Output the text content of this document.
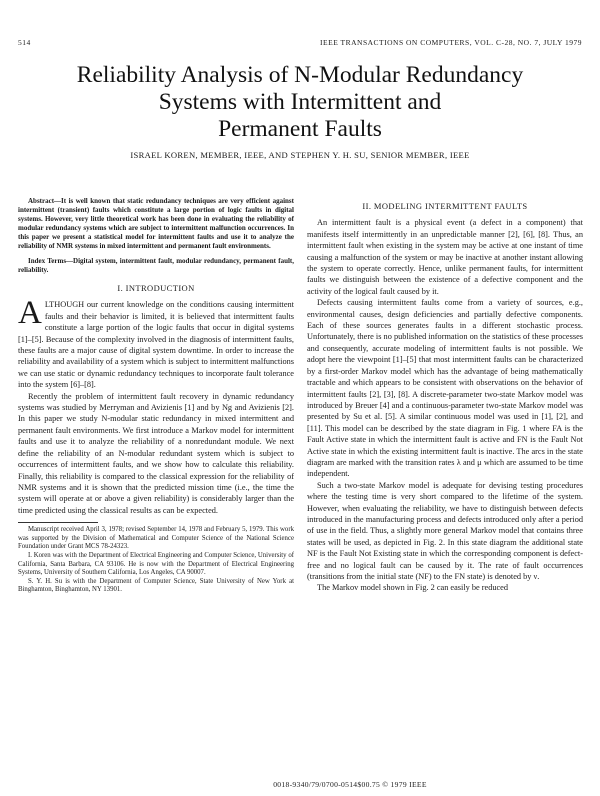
514	IEEE TRANSACTIONS ON COMPUTERS, VOL. C-28, NO. 7, JULY 1979
Reliability Analysis of N-Modular Redundancy
Systems with Intermittent and
Permanent Faults
ISRAEL KOREN, MEMBER, IEEE, AND STEPHEN Y. H. SU, SENIOR MEMBER, IEEE

Abstract—It is well known that static redundancy techniques are very efficient against intermittent (transient) faults which constitute a large portion of logic faults in digital systems. However, very little theoretical work has been done in evaluating the reliability of modular redundancy systems which are subject to intermittent malfunction occurrences. In this paper we present a statistical model for intermittent faults and use it to analyze the reliability of NMR systems in mixed intermittent and permanent fault environments.

Index Terms—Digital system, intermittent fault, modular redundancy, permanent fault, reliability.

I. INTRODUCTION

ALTHOUGH our current knowledge on the conditions causing intermittent faults and their behavior is limited, it is believed that intermittent faults constitute a large portion of the logic faults that occur in digital systems [1]–[5]. Because of the complexity involved in the diagnosis of intermittent faults, these faults are a major cause of digital system downtime. In order to increase the reliability and availability of a system which is subject to intermittent malfunctions we can use static or dynamic redundancy techniques to incorporate fault tolerance into the system [6]–[8].

Recently the problem of intermittent fault recovery in dynamic redundancy systems was studied by Merryman and Avizienis [1] and by Ng and Avizienis [2]. In this paper we study N-modular static redundancy in mixed intermittent and permanent fault environments. We first introduce a Markov model for intermittent faults and use it to analyze the reliability of a nonredundant module. We next define the reliability of an N-modular redundant system which is subject to occurrences of intermittent faults, and we show how to calculate this reliability. Finally, this reliability is compared to the classical expression for the reliability of NMR systems and it is shown that the predicted mission time (i.e., the time the system will operate at or above a given reliability) is considerably larger than the time predicted using the classical results as can be expected.

Manuscript received April 3, 1978; revised September 14, 1978 and February 5, 1979. This work was supported by the Division of Mathematical and Computer Science of the National Science Foundation under Grant MCS 78-24323.

I. Koren was with the Department of Electrical Engineering and Computer Science, University of California, Santa Barbara, CA 93106. He is now with the Department of Electrical Engineering Systems, University of Southern California, Los Angeles, CA 90007.

S. Y. H. Su is with the Department of Computer Science, State University of New York at Binghamton, Binghamton, NY 13901.

II. MODELING INTERMITTENT FAULTS

An intermittent fault is a physical event (a defect in a component) that manifests itself intermittently in an unpredictable manner [2], [6], [8]. Thus, an intermittent fault when existing in the system may be active at one instant of time causing a malfunction of the system or may be inactive at another instant allowing the system to operate correctly. Hence, unlike permanent faults, for intermittent faults we distinguish between the existence of a defective component and the activity of the logical fault caused by it.

Defects causing intermittent faults come from a variety of sources, e.g., environmental causes, design deficiencies and partially defective components. Each of these sources generates faults in a different stochastic process. Unfortunately, there is no published information on the statistics of these processes and consequently, accurate modeling of intermittent faults is not possible. We adopt here the viewpoint [1]–[5] that most intermittent faults can be characterized by a first-order Markov model which has the advantage of being mathematically tractable and which appears to be consistent with observations on the behavior of intermittent faults [2], [3], [8]. A discrete-parameter two-state Markov model was introduced by Breuer [4] and a continuous-parameter two-state Markov model was presented by Su et al. [5]. A similar continuous model was used in [1], [2], and [11]. This model can be described by the state diagram in Fig. 1 where FA is the Fault Active state in which the intermittent fault is active and FN is the Fault Not Active state in which the existing intermittent fault is inactive. The arcs in the state diagram are marked with the transition rates λ and μ which are assumed to be time independent.

Such a two-state Markov model is adequate for devising testing procedures where the testing time is very short compared to the lifetime of the system. However, when evaluating the reliability, we have to distinguish between defects introduced in the manufacturing process and defects introduced only after a period of use in the field. Thus, a slightly more general Markov model that contains three states will be used, as depicted in Fig. 2. In this state diagram the additional state NF is the Fault Not Existing state in which the corresponding component is defect-free and no logical fault can be caused by it. The rate of fault occurrences (transitions from the initial state (NF) to the FN state) is denoted by ν.

The Markov model shown in Fig. 2 can easily be reduced

0018-9340/79/0700-0514$00.75 © 1979 IEEE
